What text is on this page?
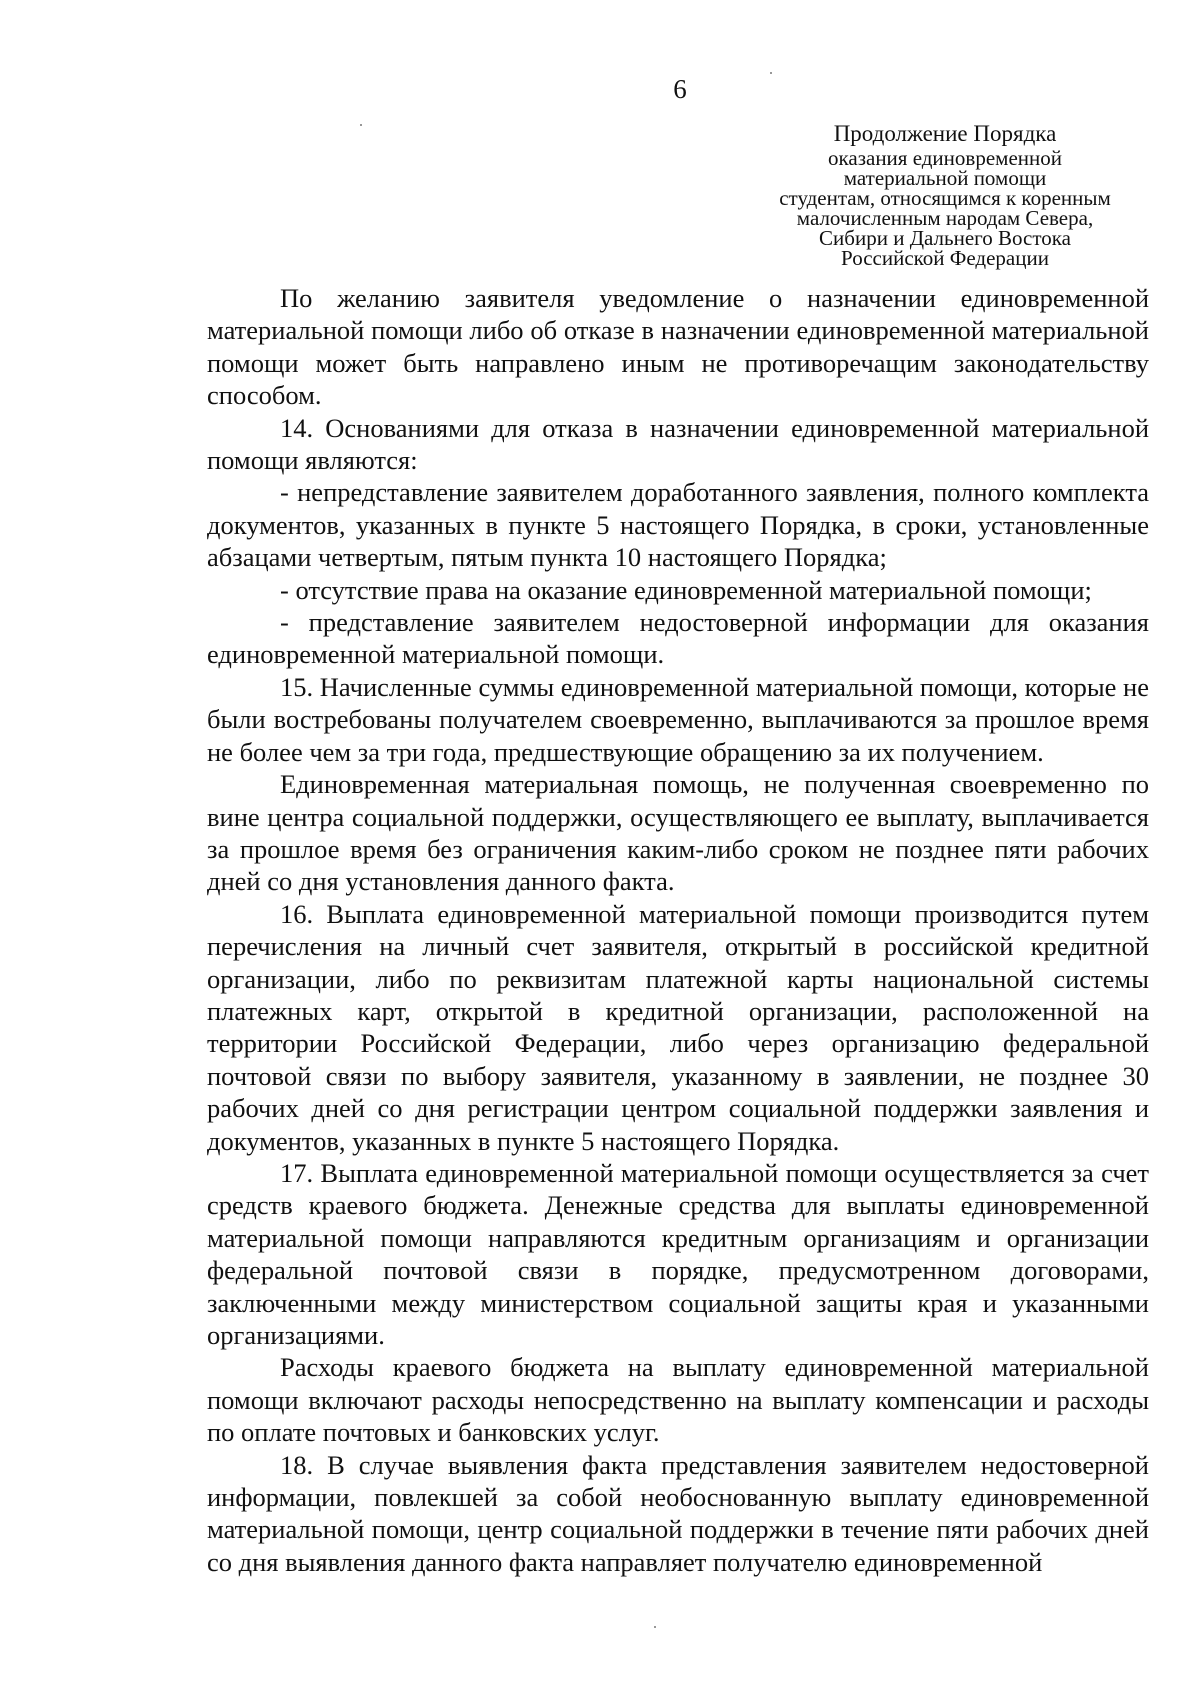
6
Продолжение Порядка
оказания единовременной
материальной помощи
студентам, относящимся к коренным
малочисленным народам Севера,
Сибири и Дальнего Востока
Российской Федерации

По желанию заявителя уведомление о назначении единовременной материальной помощи либо об отказе в назначении единовременной материальной помощи может быть направлено иным не противоречащим законодательству способом.

14. Основаниями для отказа в назначении единовременной материальной помощи являются:

- непредставление заявителем доработанного заявления, полного комплекта документов, указанных в пункте 5 настоящего Порядка, в сроки, установленные абзацами четвертым, пятым пункта 10 настоящего Порядка;

- отсутствие права на оказание единовременной материальной помощи;

- представление заявителем недостоверной информации для оказания единовременной материальной помощи.

15. Начисленные суммы единовременной материальной помощи, которые не были востребованы получателем своевременно, выплачиваются за прошлое время не более чем за три года, предшествующие обращению за их получением.

Единовременная материальная помощь, не полученная своевременно по вине центра социальной поддержки, осуществляющего ее выплату, выплачивается за прошлое время без ограничения каким-либо сроком не позднее пяти рабочих дней со дня установления данного факта.

16. Выплата единовременной материальной помощи производится путем перечисления на личный счет заявителя, открытый в российской кредитной организации, либо по реквизитам платежной карты национальной системы платежных карт, открытой в кредитной организации, расположенной на территории Российской Федерации, либо через организацию федеральной почтовой связи по выбору заявителя, указанному в заявлении, не позднее 30 рабочих дней со дня регистрации центром социальной поддержки заявления и документов, указанных в пункте 5 настоящего Порядка.

17. Выплата единовременной материальной помощи осуществляется за счет средств краевого бюджета. Денежные средства для выплаты единовременной материальной помощи направляются кредитным организациям и организации федеральной почтовой связи в порядке, предусмотренном договорами, заключенными между министерством социальной защиты края и указанными организациями.

Расходы краевого бюджета на выплату единовременной материальной помощи включают расходы непосредственно на выплату компенсации и расходы по оплате почтовых и банковских услуг.

18. В случае выявления факта представления заявителем недостоверной информации, повлекшей за собой необоснованную выплату единовременной материальной помощи, центр социальной поддержки в течение пяти рабочих дней со дня выявления данного факта направляет получателю единовременной
